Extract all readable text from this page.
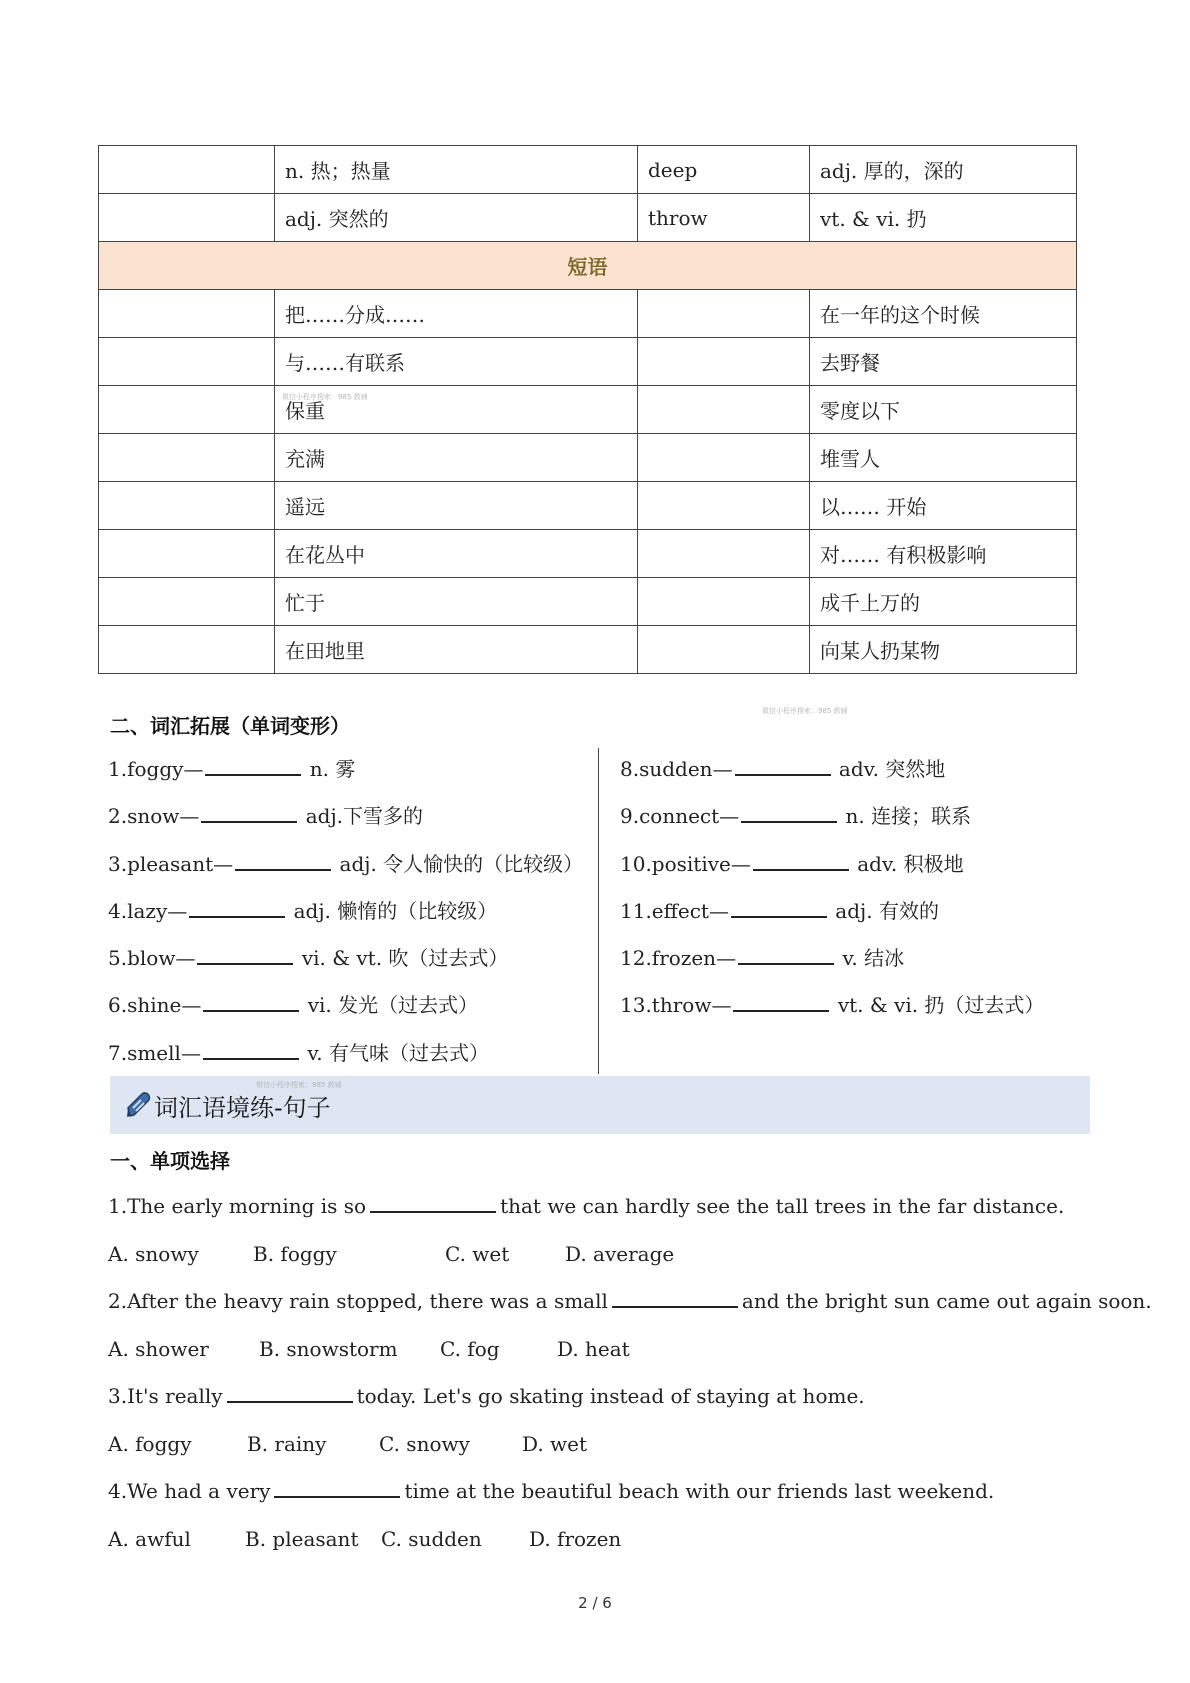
	n. 热；热量	deep	adj. 厚的，深的
	adj. 突然的	throw	vt. & vi. 扔
短语			
	把……分成……		在一年的这个时候
	与……有联系		去野餐
	保重		零度以下
	充满		堆雪人
	遥远		以…… 开始
	在花丛中		对…… 有积极影响
	忙于		成千上万的
	在田地里		向某人扔某物
二、词汇拓展（单词变形）
1.foggy—	n. 雾
2.snow—	adj.下雪多的
3.pleasant—	adj. 令人愉快的（比较级）
4.lazy—	adj. 懒惰的（比较级）
5.blow—	vi. & vt. 吹（过去式）
6.shine—	vi. 发光（过去式）
7.smell—	v. 有气味（过去式）
8.sudden—	adv. 突然地
9.connect—	n. 连接；联系
10.positive—	adv. 积极地
11.effect—	adj. 有效的
12.frozen—	v. 结冰
13.throw—	vt. & vi. 扔（过去式）
词汇语境练-句子
一、单项选择
1.The early morning is so	that we can hardly see the tall trees in the far distance.
A. snowy	B. foggy	C. wet	D. average
2.After the heavy rain stopped, there was a small	and the bright sun came out again soon.
A. shower	B. snowstorm C. fog	D. heat
3.It's really	today. Let's go skating instead of staying at home.
A. foggy	B. rainy	C. snowy	D. wet
4.We had a very	time at the beautiful beach with our friends last weekend.
A. awful	B. pleasant C. sudden D. frozen
微信小程序搜索：985 教辅
微信小程序搜索：985 教辅
微信小程序搜索：985 教辅
2 / 6
